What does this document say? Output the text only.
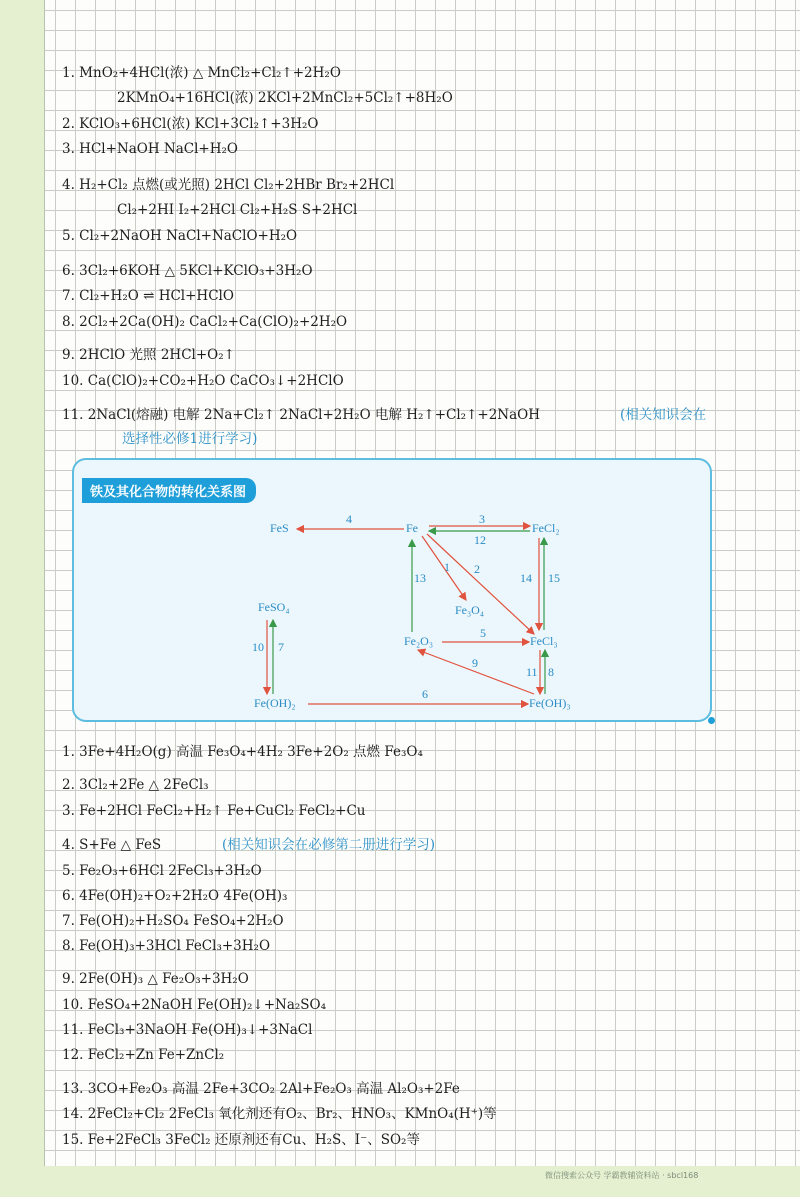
1. MnO₂+4HCl(浓) △ MnCl₂+Cl₂↑+2H₂O
2KMnO₄+16HCl(浓) 2KCl+2MnCl₂+5Cl₂↑+8H₂O
2. KClO₃+6HCl(浓) KCl+3Cl₂↑+3H₂O
3. HCl+NaOH NaCl+H₂O
4. H₂+Cl₂ 点燃(或光照) 2HCl Cl₂+2HBr Br₂+2HCl
Cl₂+2HI I₂+2HCl Cl₂+H₂S S+2HCl
5. Cl₂+2NaOH NaCl+NaClO+H₂O
6. 3Cl₂+6KOH △ 5KCl+KClO₃+3H₂O
7. Cl₂+H₂O ⇌ HCl+HClO
8. 2Cl₂+2Ca(OH)₂ CaCl₂+Ca(ClO)₂+2H₂O
9. 2HClO 光照 2HCl+O₂↑
10. Ca(ClO)₂+CO₂+H₂O CaCO₃↓+2HClO
11. 2NaCl(熔融) 电解 2Na+Cl₂↑ 2NaCl+2H₂O 电解 H₂↑+Cl₂↑+2NaOH	(相关知识会在
选择性必修1进行学习)
铁及其化合物的转化关系图
Fe
FeS	FeCl₂
Fe₃O₄
Fe₂O₃	FeCl₃
FeSO₄
Fe(OH)₂	Fe(OH)₃
4	3
12
1 2
13	14 15
5
9
11 8
6
10 7
1. 3Fe+4H₂O(g) 高温 Fe₃O₄+4H₂ 3Fe+2O₂ 点燃 Fe₃O₄
2. 3Cl₂+2Fe △ 2FeCl₃
3. Fe+2HCl FeCl₂+H₂↑ Fe+CuCl₂ FeCl₂+Cu
4. S+Fe △ FeS	(相关知识会在必修第二册进行学习)
5. Fe₂O₃+6HCl 2FeCl₃+3H₂O
6. 4Fe(OH)₂+O₂+2H₂O 4Fe(OH)₃
7. Fe(OH)₂+H₂SO₄ FeSO₄+2H₂O
8. Fe(OH)₃+3HCl FeCl₃+3H₂O
9. 2Fe(OH)₃ △ Fe₂O₃+3H₂O
10. FeSO₄+2NaOH Fe(OH)₂↓+Na₂SO₄
11. FeCl₃+3NaOH Fe(OH)₃↓+3NaCl
12. FeCl₂+Zn Fe+ZnCl₂
13. 3CO+Fe₂O₃ 高温 2Fe+3CO₂ 2Al+Fe₂O₃ 高温 Al₂O₃+2Fe
14. 2FeCl₂+Cl₂ 2FeCl₃ 氧化剂还有O₂、Br₂、HNO₃、KMnO₄(H⁺)等
15. Fe+2FeCl₃ 3FeCl₂ 还原剂还有Cu、H₂S、I⁻、SO₂等
微信搜索公众号 学霸教辅资料站 · sbcl168
